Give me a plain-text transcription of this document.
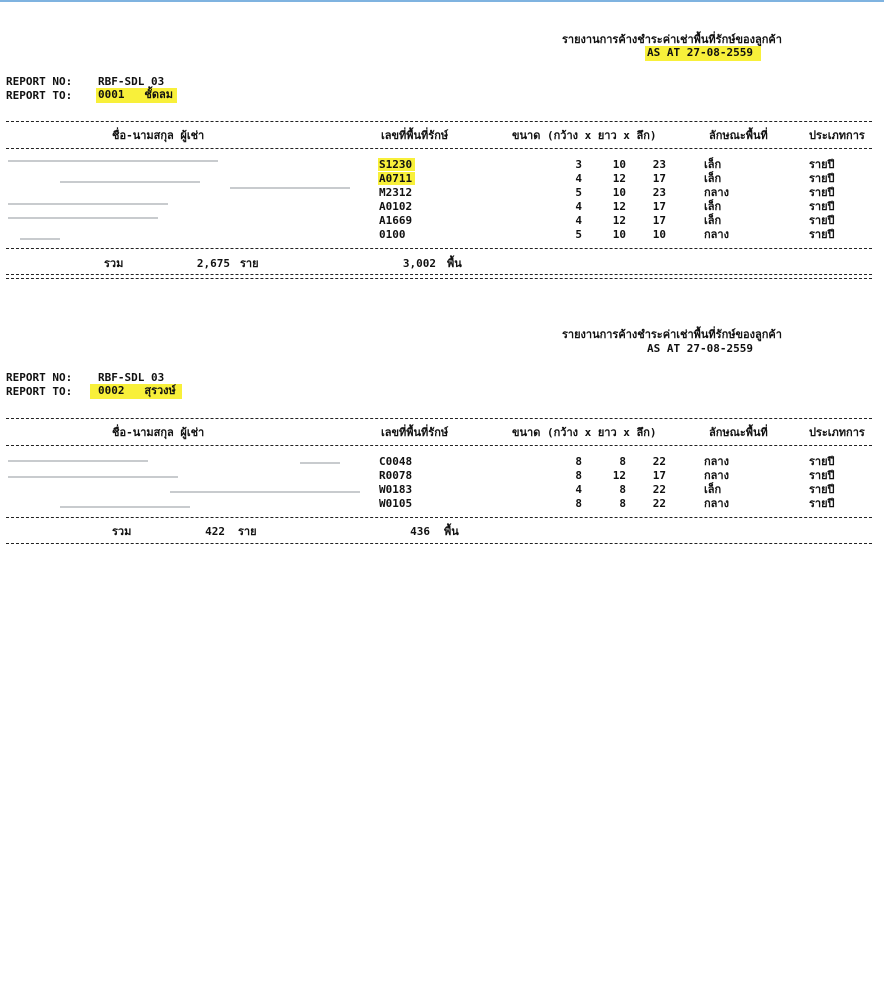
รายงานการค้างชำระค่าเช่าพื้นที่รักษ์ของลูกค้า
AS AT 27-08-2559
REPORT NO: RBF-SDL 03
REPORT TO: 0001   ชั้ดลม
ชื่อ-นามสกุล ผู้เช่า	เลขที่พื้นที่รักษ์	ขนาด (กว้าง x ยาว x ลึก)	ลักษณะพื้นที่	ประเภทการ
S1230	3	10	23	เล็ก	รายปี
A0711	4	12	17	เล็ก	รายปี
M2312	5	10	23	กลาง	รายปี
A0102	4	12	17	เล็ก	รายปี
A1669	4	12	17	เล็ก	รายปี
0100	5	10	10	กลาง	รายปี
รวม	2,675 ราย	3,002 พื้น
รายงานการค้างชำระค่าเช่าพื้นที่รักษ์ของลูกค้า
AS AT 27-08-2559
REPORT NO: RBF-SDL 03
REPORT TO:	0002   สุรวงษ์
ชื่อ-นามสกุล ผู้เช่า	เลขที่พื้นที่รักษ์	ขนาด (กว้าง x ยาว x ลึก)	ลักษณะพื้นที่	ประเภทการ
C0048	8	8	22	กลาง	รายปี
R0078	8	12	17	กลาง	รายปี
W0183	4	8	22	เล็ก	รายปี
W0105	8	8	22	กลาง	รายปี
รวม	422 ราย	436 พื้น
